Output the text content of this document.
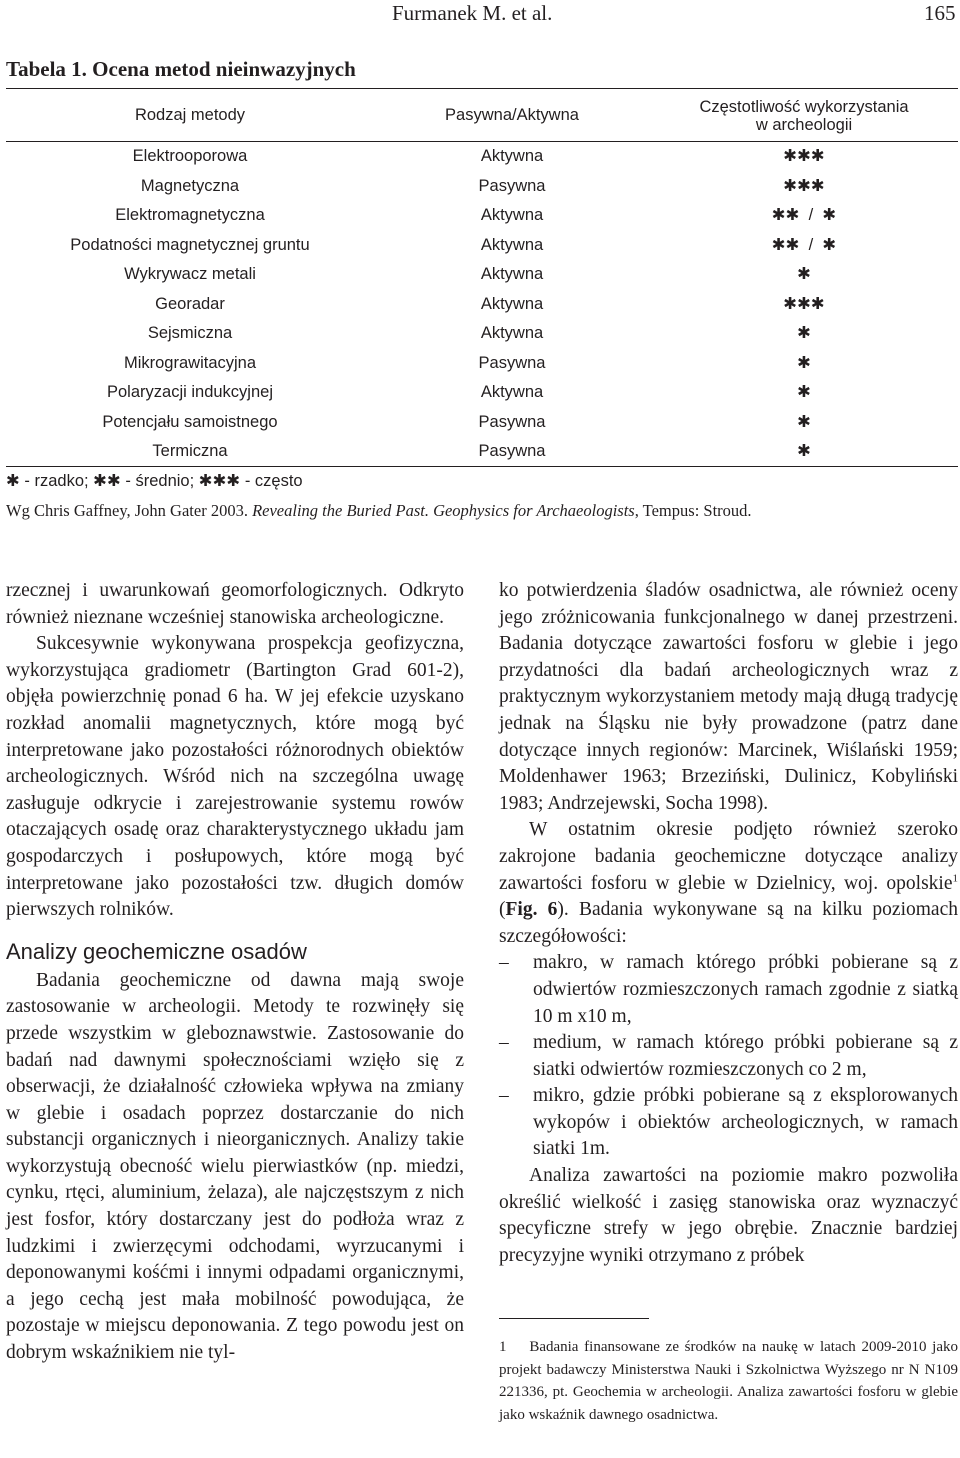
Furmanek M. et al.	165
Tabela 1. Ocena metod nieinwazyjnych
Rodzaj metody	Pasywna/Aktywna	Częstotliwość wykorzystania
w archeologii
Elektrooporowa	Aktywna	✱✱✱
Magnetyczna	Pasywna	✱✱✱
Elektromagnetyczna	Aktywna	✱✱  /  ✱
Podatności magnetycznej gruntu	Aktywna	✱✱  /  ✱
Wykrywacz metali	Aktywna	✱
Georadar	Aktywna	✱✱✱
Sejsmiczna	Aktywna	✱
Mikrograwitacyjna	Pasywna	✱
Polaryzacji indukcyjnej	Aktywna	✱
Potencjału samoistnego	Pasywna	✱
Termiczna	Pasywna	✱
✱ - rzadko; ✱✱ - średnio; ✱✱✱ - często
Wg Chris Gaffney, John Gater 2003. Revealing the Buried Past. Geophysics for Archaeologists, Tempus: Stroud.

rzecznej i uwarunkowań geomorfologicznych. Odkryto również nieznane wcześniej stanowiska archeologiczne.

Sukcesywnie wykonywana prospekcja geofizyczna, wykorzystująca gradiometr (Bartington Grad 601-2), objęła powierzchnię ponad 6 ha. W jej efekcie uzyskano rozkład anomalii magnetycznych, które mogą być interpretowane jako pozostałości różnorodnych obiektów archeologicznych. Wśród nich na szczególna uwagę zasługuje odkrycie i zarejestrowanie systemu rowów otaczających osadę oraz charakterystycznego układu jam gospodarczych i posłupowych, które mogą być interpretowane jako pozostałości tzw. długich domów pierwszych rolników.

Analizy geochemiczne osadów

Badania geochemiczne od dawna mają swoje zastosowanie w archeologii. Metody te rozwinęły się przede wszystkim w gleboznawstwie. Zastosowanie do badań nad dawnymi społecznościami wzięło się z obserwacji, że działalność człowieka wpływa na zmiany w glebie i osadach poprzez dostarczanie do nich substancji organicznych i nieorganicznych. Analizy takie wykorzystują obecność wielu pierwiastków (np. miedzi, cynku, rtęci, aluminium, żelaza), ale najczęstszym z nich jest fosfor, który dostarczany jest do podłoża wraz z ludzkimi i zwierzęcymi odchodami, wyrzucanymi i deponowanymi kośćmi i innymi odpadami organicznymi, a jego cechą jest mała mobilność powodująca, że pozostaje w miejscu deponowania. Z tego powodu jest on dobrym wskaźnikiem nie tyl-

ko potwierdzenia śladów osadnictwa, ale również oceny jego zróżnicowania funkcjonalnego w danej przestrzeni. Badania dotyczące zawartości fosforu w glebie i jego przydatności dla badań archeologicznych wraz z praktycznym wykorzystaniem metody mają długą tradycję jednak na Śląsku nie były prowadzone (patrz dane dotyczące innych regionów: Marcinek, Wiślański 1959; Moldenhawer 1963; Brzeziński, Dulinicz, Kobyliński 1983; Andrzejewski, Socha 1998).

W ostatnim okresie podjęto również szeroko zakrojone badania geochemiczne dotyczące analizy zawartości fosforu w glebie w Dzielnicy, woj. opolskie$^1$ (Fig. 6). Badania wykonywane są na kilku poziomach szczegółowości:

– makro, w ramach którego próbki pobierane są z odwiertów rozmieszczonych ramach zgodnie z siatką 10 m x10 m,
– medium, w ramach którego próbki pobierane są z siatki odwiertów rozmieszczonych co 2 m,
– mikro, gdzie próbki pobierane są z eksplorowanych wykopów i obiektów archeologicznych, w ramach siatki 1m.

Analiza zawartości na poziomie makro pozwoliła określić wielkość i zasięg stanowiska oraz wyznaczyć specyficzne strefy w jego obrębie. Znacznie bardziej precyzyjne wyniki otrzymano z próbek

1 Badania finansowane ze środków na naukę w latach 2009-2010 jako projekt badawczy Ministerstwa Nauki i Szkolnictwa Wyższego nr N N109 221336, pt. Geochemia w archeologii. Analiza zawartości fosforu w glebie jako wskaźnik dawnego osadnictwa.
